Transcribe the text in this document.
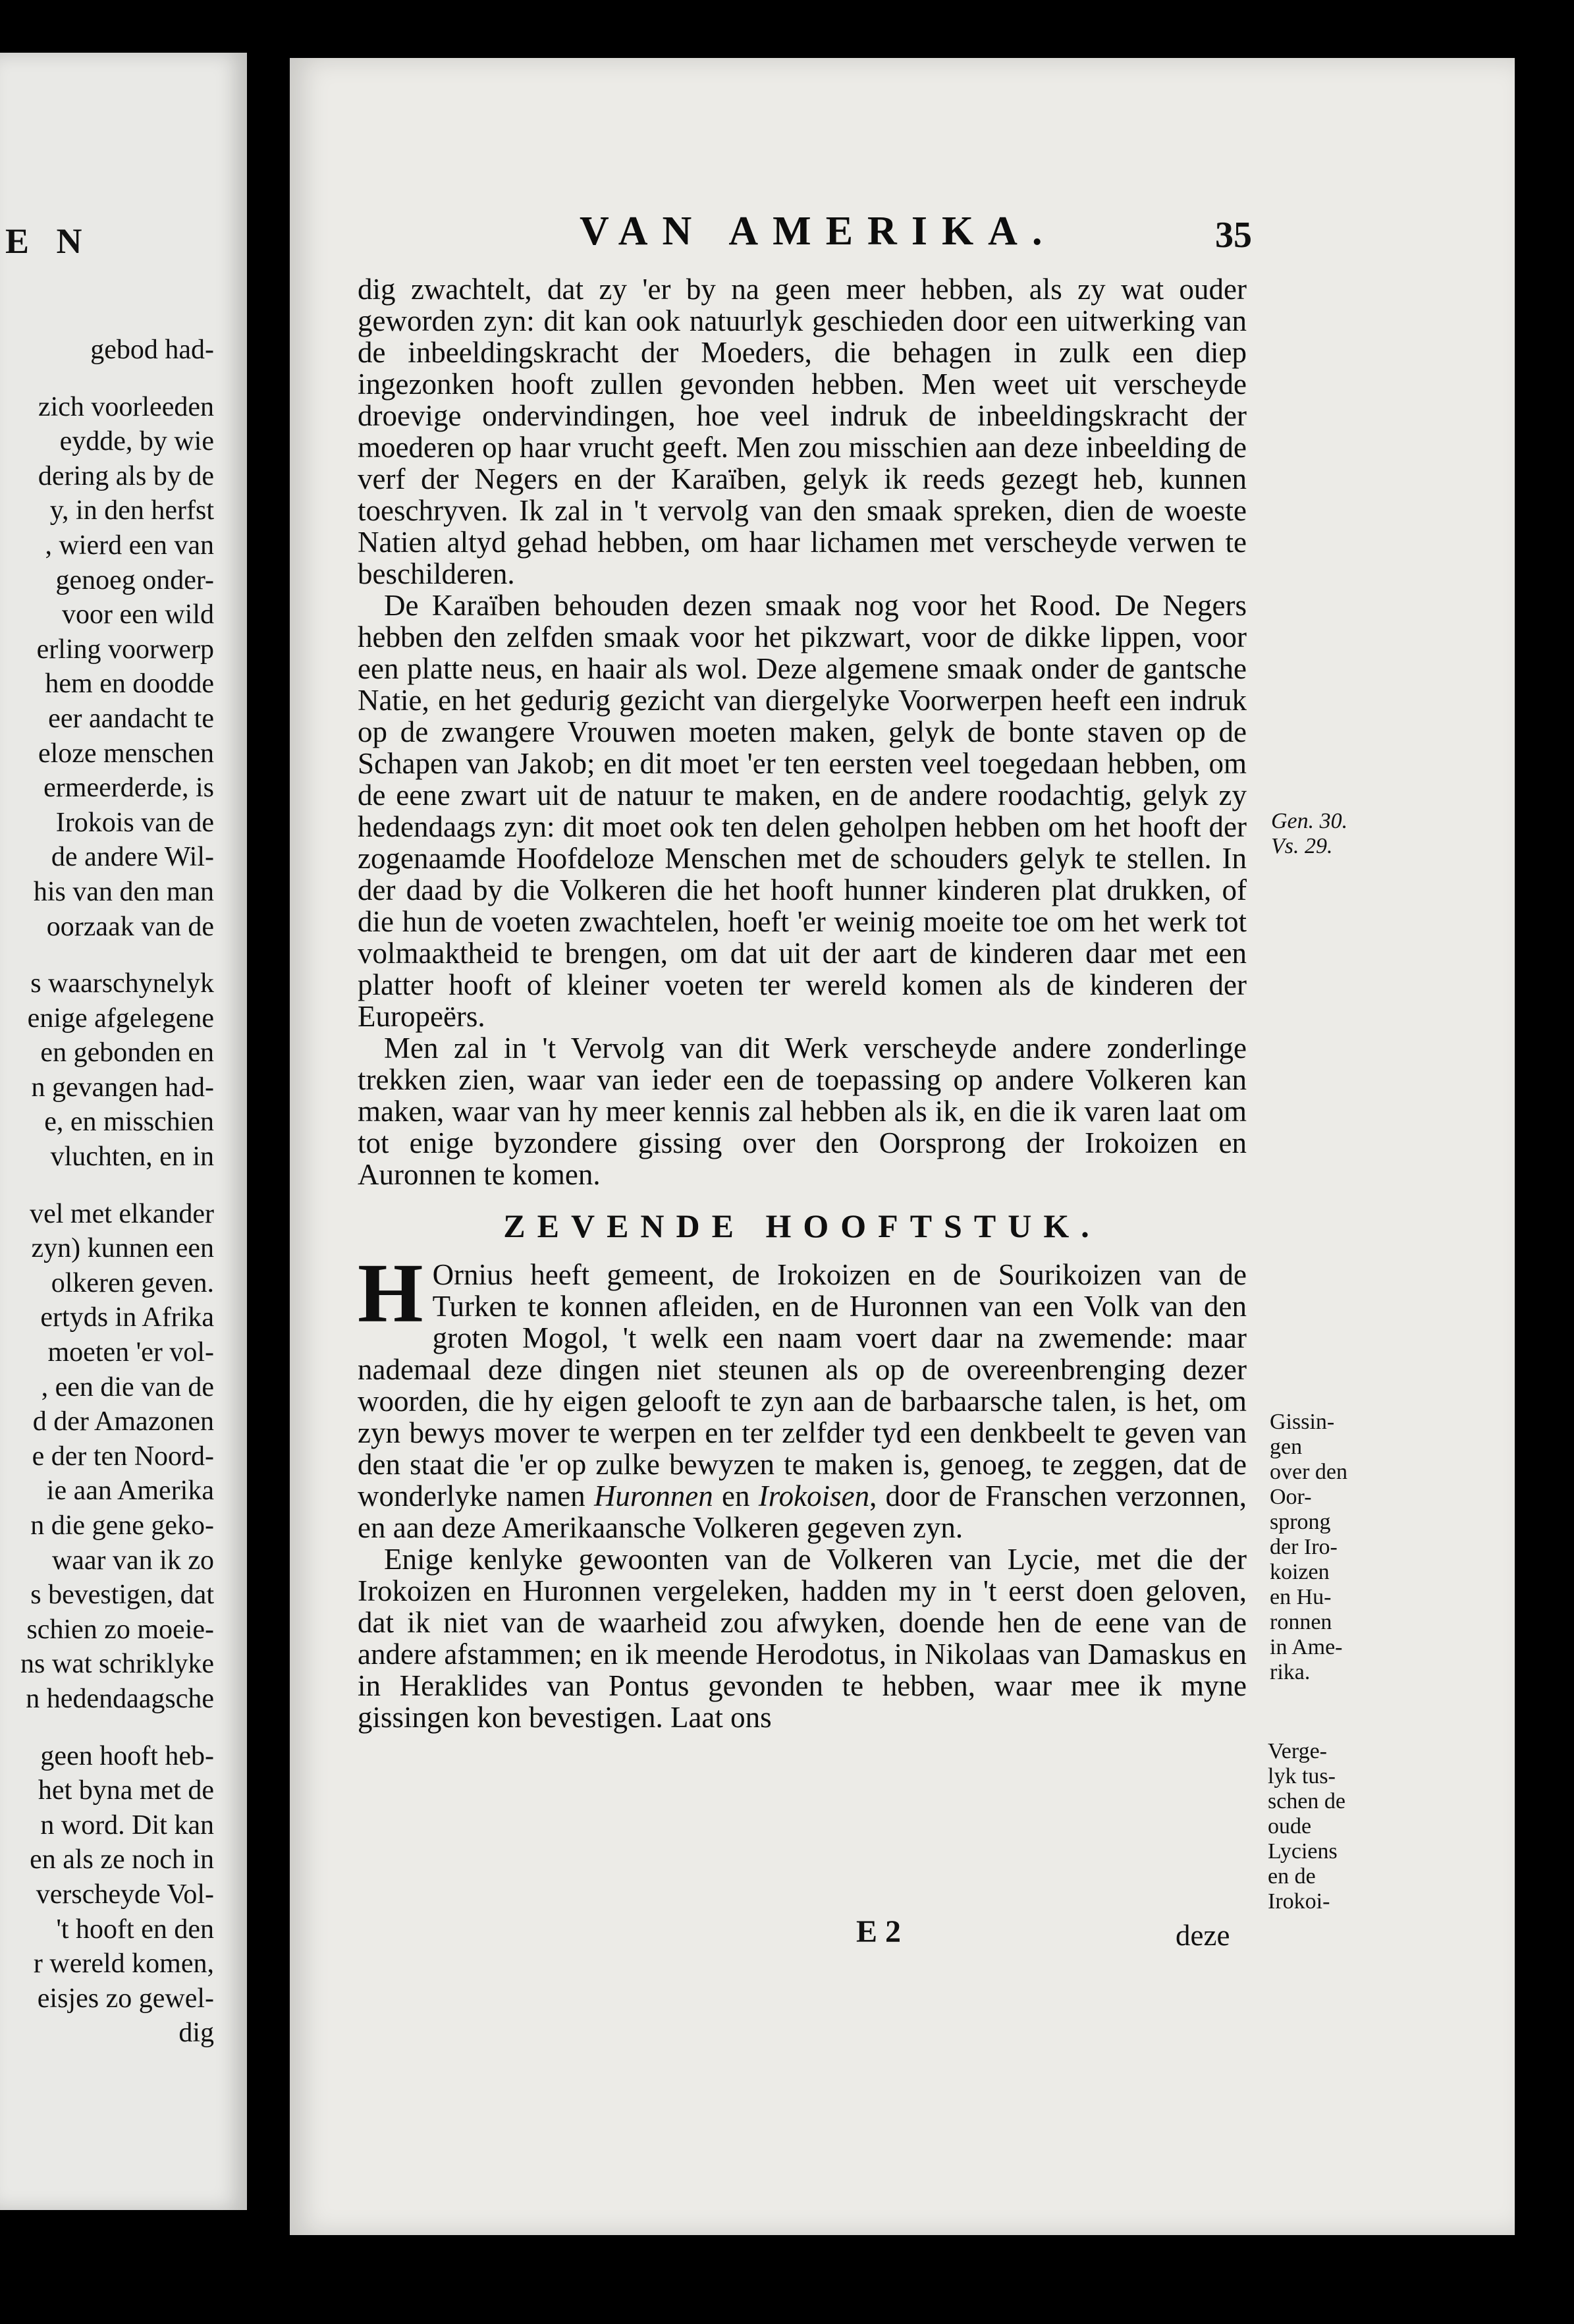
E N
gebod had-
zich voorleeden
eydde, by wie
dering als by de
y, in den herfst
, wierd een van
genoeg onder-
voor een wild
erling voorwerp
hem en doodde
eer aandacht te
eloze menschen
ermeerderde, is
Irokois van de
de andere Wil-
his van den man
oorzaak van de
s waarschynelyk
enige afgelegene
en gebonden en
n gevangen had-
e, en misschien
vluchten, en in
vel met elkander
zyn) kunnen een
olkeren geven.
ertyds in Afrika
moeten 'er vol-
, een die van de
d der Amazonen
e der ten Noord-
ie aan Amerika
n die gene geko-
waar van ik zo
s bevestigen, dat
schien zo moeie-
ns wat schriklyke
n hedendaagsche
geen hooft heb-
het byna met de
n word. Dit kan
en als ze noch in
verscheyde Vol-
't hooft en den
r wereld komen,
eisjes zo gewel-
dig
VAN AMERIKA.	35

dig zwachtelt, dat zy 'er by na geen meer hebben, als zy wat ouder geworden zyn: dit kan ook natuurlyk geschieden door een uitwerking van de inbeeldingskracht der Moeders, die behagen in zulk een diep ingezonken hooft zullen gevonden hebben. Men weet uit verscheyde droevige ondervindingen, hoe veel indruk de inbeeldingskracht der moederen op haar vrucht geeft. Men zou misschien aan deze inbeelding de verf der Negers en der Karaïben, gelyk ik reeds gezegt heb, kunnen toeschryven. Ik zal in 't vervolg van den smaak spreken, dien de woeste Natien altyd gehad hebben, om haar lichamen met verscheyde verwen te beschilderen.

De Karaïben behouden dezen smaak nog voor het Rood. De Negers hebben den zelfden smaak voor het pikzwart, voor de dikke lippen, voor een platte neus, en haair als wol. Deze algemene smaak onder de gantsche Natie, en het gedurig gezicht van diergelyke Voorwerpen heeft een indruk op de zwangere Vrouwen moeten maken, gelyk de bonte staven op de Schapen van Jakob; en dit moet 'er ten eersten veel toegedaan hebben, om de eene zwart uit de natuur te maken, en de andere roodachtig, gelyk zy hedendaags zyn: dit moet ook ten delen geholpen hebben om het hooft der zogenaamde Hoofdeloze Menschen met de schouders gelyk te stellen. In der daad by die Volkeren die het hooft hunner kinderen plat drukken, of die hun de voeten zwachtelen, hoeft 'er weinig moeite toe om het werk tot volmaaktheid te brengen, om dat uit der aart de kinderen daar met een platter hooft of kleiner voeten ter wereld komen als de kinderen der Europeërs.

Men zal in 't Vervolg van dit Werk verscheyde andere zonderlinge trekken zien, waar van ieder een de toepassing op andere Volkeren kan maken, waar van hy meer kennis zal hebben als ik, en die ik varen laat om tot enige byzondere gissing over den Oorsprong der Irokoizen en Auronnen te komen.

ZEVENDE HOOFTSTUK.

H Ornius heeft gemeent, de Irokoizen en de Sourikoizen van de Turken te konnen afleiden, en de Huronnen van een Volk van den groten Mogol, 't welk een naam voert daar na zwemende: maar nademaal deze dingen niet steunen als op de overeenbrenging dezer woorden, die hy eigen gelooft te zyn aan de barbaarsche talen, is het, om zyn bewys mover te werpen en ter zelfder tyd een denkbeelt te geven van den staat die 'er op zulke bewyzen te maken is, genoeg, te zeggen, dat de wonderlyke namen Huronnen en Irokoisen, door de Franschen verzonnen, en aan deze Amerikaansche Volkeren gegeven zyn.

Enige kenlyke gewoonten van de Volkeren van Lycie, met die der Irokoizen en Huronnen vergeleken, hadden my in 't eerst doen geloven, dat ik niet van de waarheid zou afwyken, doende hen de eene van de andere afstammen; en ik meende Herodotus, in Nikolaas van Damaskus en in Heraklides van Pontus gevonden te hebben, waar mee ik myne gissingen kon bevestigen. Laat ons

E 2	deze
Gen. 30.
Vs. 29.
Gissin-
gen
over den
Oor-
sprong
der Iro-
koizen
en Hu-
ronnen
in Ame-
rika.
Verge-
lyk tus-
schen de
oude
Lyciens
en de
Irokoi-
